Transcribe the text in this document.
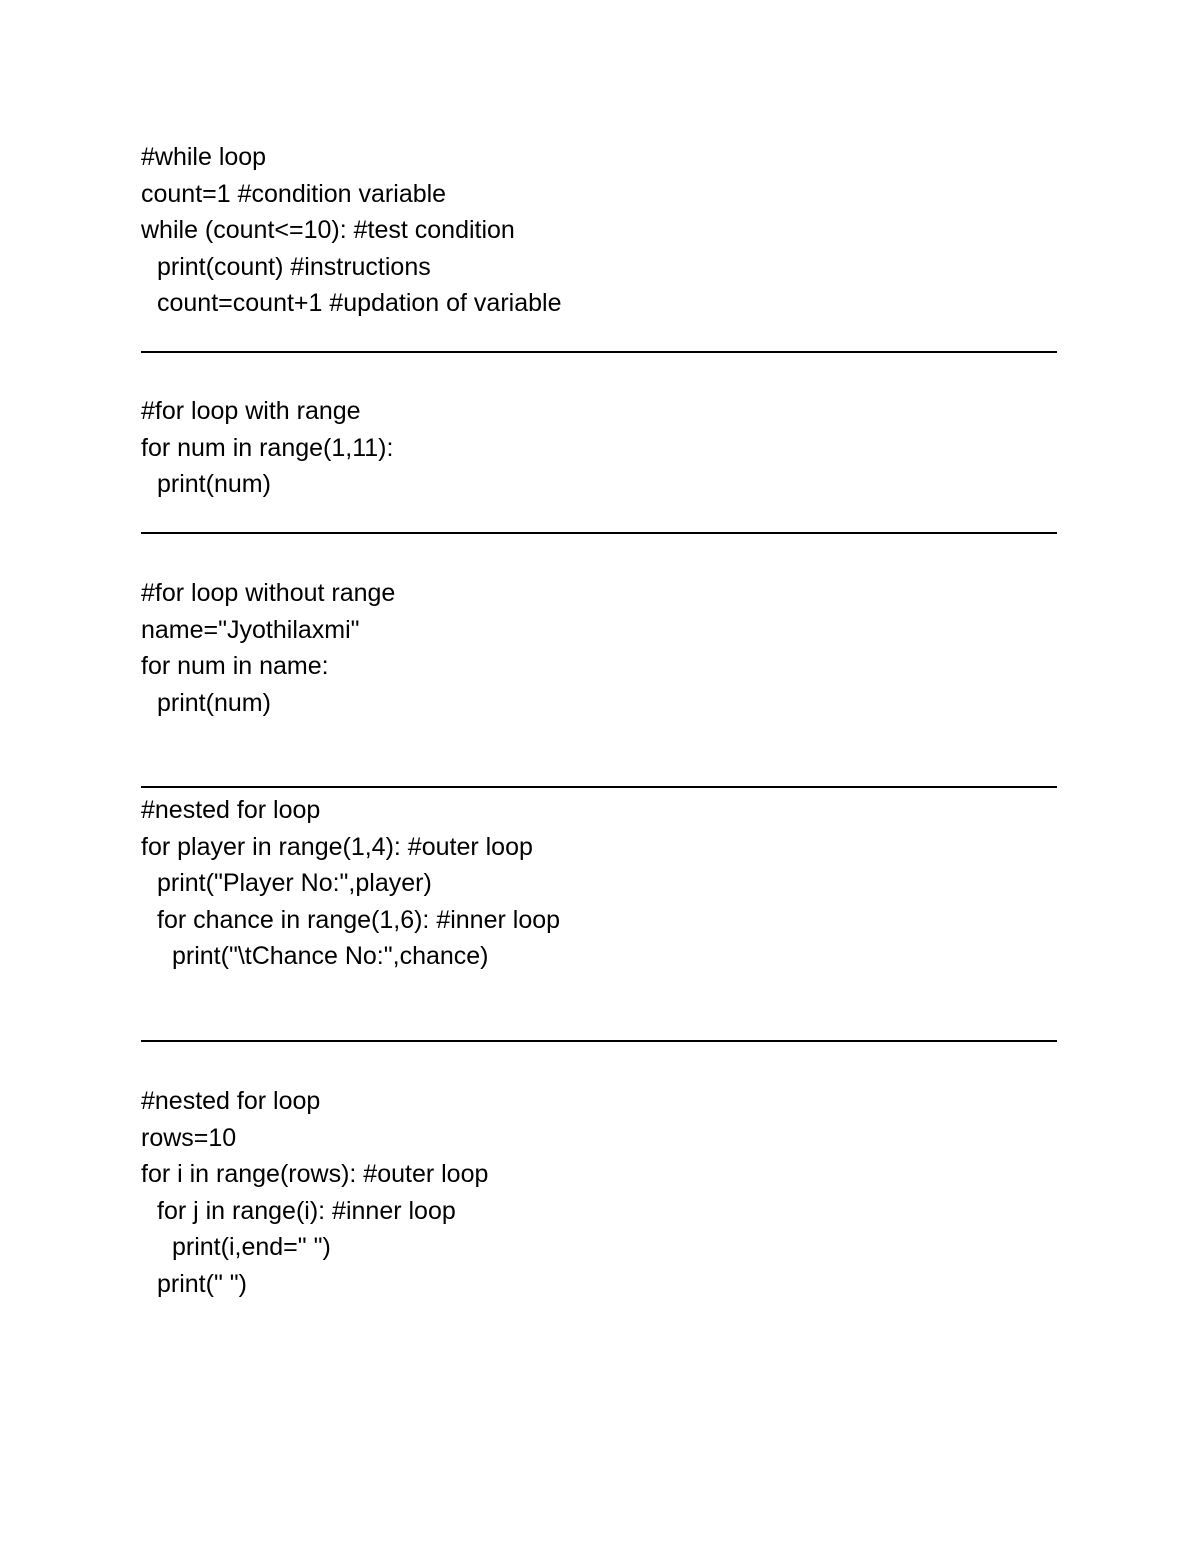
#while loop
count=1 #condition variable
while (count<=10): #test condition
print(count) #instructions
count=count+1 #updation of variable
#for loop with range
for num in range(1,11):
print(num)
#for loop without range
name="Jyothilaxmi"
for num in name:
print(num)
#nested for loop
for player in range(1,4): #outer loop
print("Player No:",player)
for chance in range(1,6): #inner loop
print("\tChance No:",chance)
#nested for loop
rows=10
for i in range(rows): #outer loop
for j in range(i): #inner loop
print(i,end=" ")
print(" ")
